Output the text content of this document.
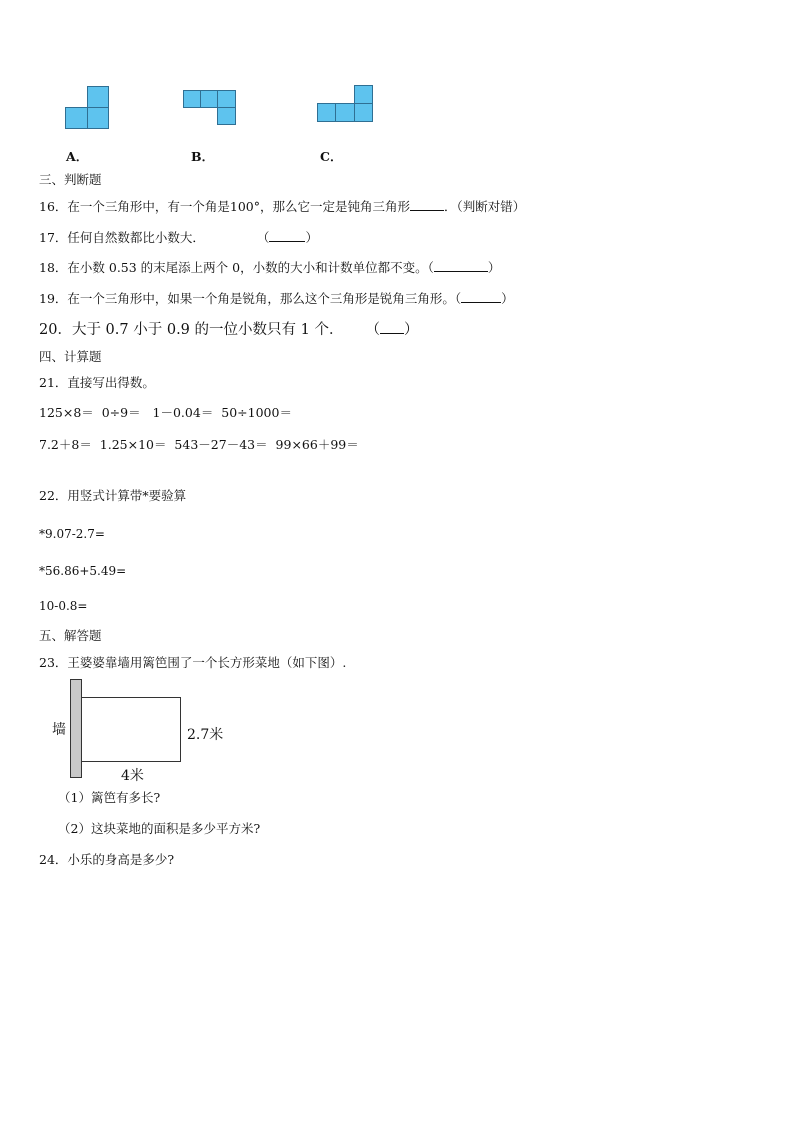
A．	B．	C．
三、判断题
16．在一个三角形中，有一个角是100°，那么它一定是钝角三角形	．（判断对错）
17．任何自然数都比小数大．	（	）
18．在小数 0.53 的末尾添上两个 0，小数的大小和计数单位都不变。（	）
19．在一个三角形中，如果一个角是锐角，那么这个三角形是锐角三角形。（	）
20．大于 0.7 小于 0.9 的一位小数只有 1 个． （ ）
四、计算题
21．直接写出得数。
125×8＝  0÷9＝   1－0.04＝  50÷1000＝
7.2＋8＝  1.25×10＝  543－27－43＝  99×66＋99＝
22．用竖式计算带*要验算
*9.07-2.7=
*56.86+5.49=
10-0.8=
五、解答题
23．王婆婆靠墙用篱笆围了一个长方形菜地（如下图）.
墙	2.7米
4米
（1）篱笆有多长?
（2）这块菜地的面积是多少平方米?
24．小乐的身高是多少?
